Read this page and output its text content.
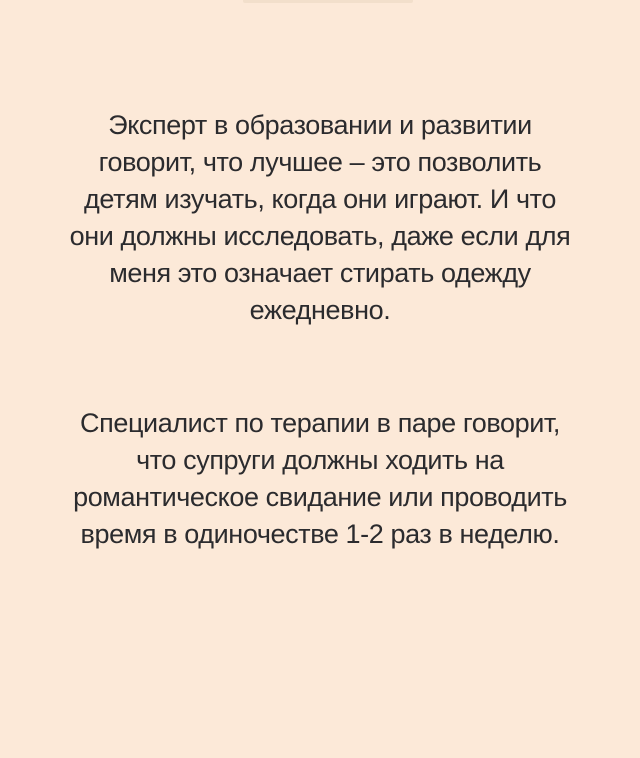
Эксперт в образовании и развитии
говорит, что лучшее – это позволить
детям изучать, когда они играют. И что
они должны исследовать, даже если для
меня это означает стирать одежду
ежедневно.
Специалист по терапии в паре говорит,
что супруги должны ходить на
романтическое свидание или проводить
время в одиночестве 1-2 раз в неделю.
